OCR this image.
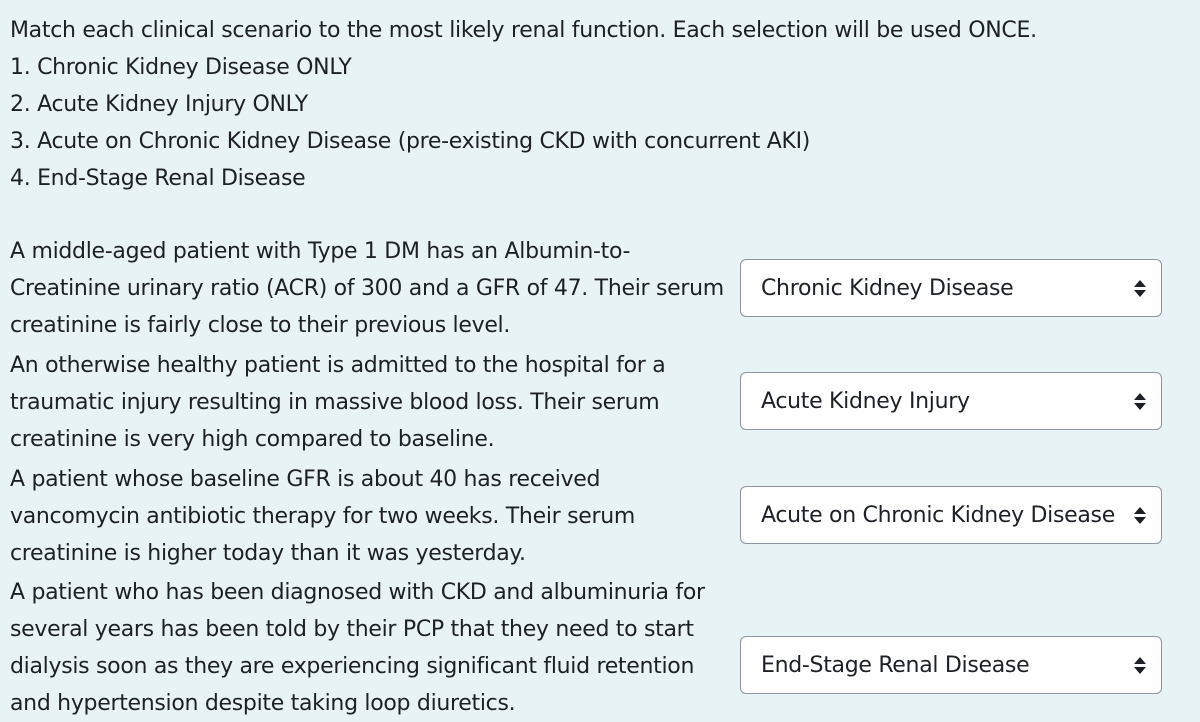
Match each clinical scenario to the most likely renal function. Each selection will be used ONCE.
1. Chronic Kidney Disease ONLY
2. Acute Kidney Injury ONLY
3. Acute on Chronic Kidney Disease (pre-existing CKD with concurrent AKI)
4. End-Stage Renal Disease
A middle-aged patient with Type 1 DM has an Albumin-to-
Creatinine urinary ratio (ACR) of 300 and a GFR of 47. Their serum
creatinine is fairly close to their previous level.
Chronic Kidney Disease
An otherwise healthy patient is admitted to the hospital for a
traumatic injury resulting in massive blood loss. Their serum
creatinine is very high compared to baseline.
Acute Kidney Injury
A patient whose baseline GFR is about 40 has received
vancomycin antibiotic therapy for two weeks. Their serum
creatinine is higher today than it was yesterday.
Acute on Chronic Kidney Disease
A patient who has been diagnosed with CKD and albuminuria for
several years has been told by their PCP that they need to start
dialysis soon as they are experiencing significant fluid retention
and hypertension despite taking loop diuretics.
End-Stage Renal Disease
